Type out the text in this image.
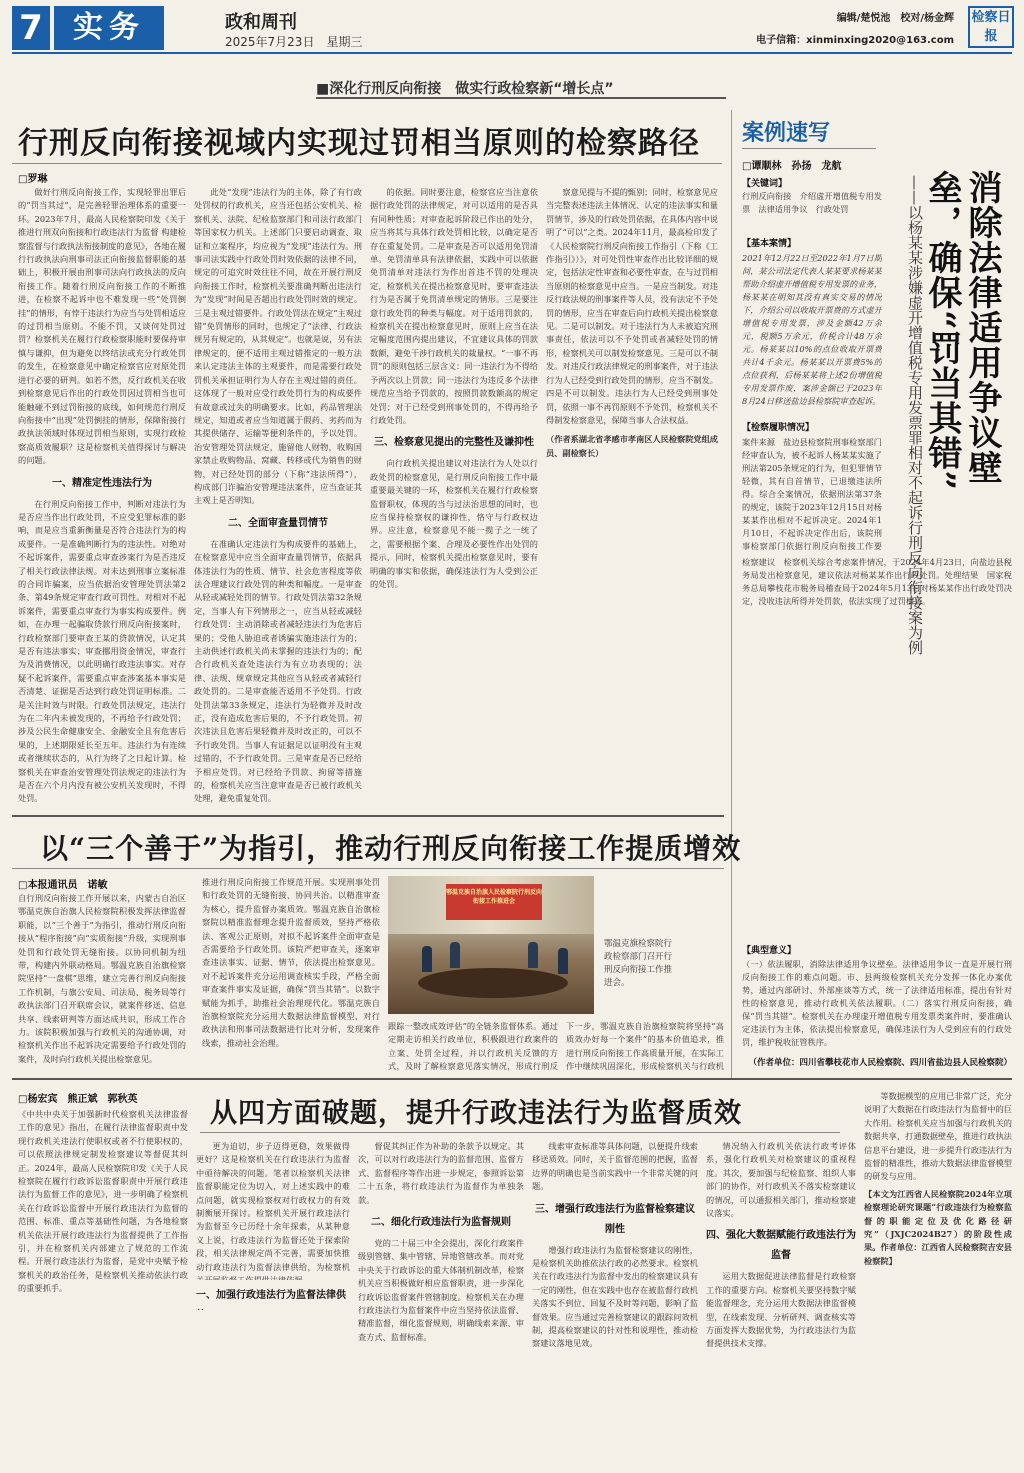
7	实务	政和周刊
2025年7月23日　星期三
编辑/楚悦池　校对/杨金辉
电子信箱：xinminxing2020@163.com
检察日报
■深化行刑反向衔接　做实行政检察新“增长点”
行刑反向衔接视域内实现过罚相当原则的检察路径
□罗琳

做好行刑反向衔接工作，实现轻罪出罪后的“罚当其过”，是完善轻罪治理体系的重要一环。2023年7月，最高人民检察院印发《关于推进行刑双向衔接和行政违法行为监督 构建检察监督与行政执法衔接制度的意见》，各地在履行行政执法向刑事司法正向衔接监督职能的基础上，积极开展由刑事司法向行政执法的反向衔接工作。随着行刑反向衔接工作的不断推进，在检察不起诉中也不难发现一些“处罚倒挂”的情形，有悖于违法行为应当与处罚相适应的过罚相当原则。不能不罚，又谈何处罚过罚？检察机关在履行行政检察职能时要保持审慎与谦抑，但为避免以终结法或充分行政处罚的发生，在检察意见中确定检察官应对原处罚进行必要的研判。如若不然，反行政机关在收到检察意见后作出的行政处罚因过罚相当也可能触碰不到过罚衔接的底线，如何规范行刑反向衔接中“出现”处罚倒挂的情形，保障衔接行政执法领域时体现过罚相当原则，实现行政检察高质效履职？这是检察机关值得探讨与解决的问题。

一、精准定性违法行为

在行刑反向衔接工作中，判断对违法行为是否应当作出行政处罚，不应受犯罪标准的影响，而是应当重新衡量是否符合违法行为的构成要件。一是准确判断行为的违法性。对绝对不起诉案件，需要重点审查涉案行为是否违反了相关行政法律法规。对未达到刑事立案标准的合同诈骗案，应当依据治安管理处罚法第2条、第49条规定审查行政可罚性。对相对不起诉案件，需要重点审查行为事实构成要件。例如，在办理一起骗取贷款行刑反向衔接案时，行政检察部门要审查王某的贷款情况，认定其是否有违法事实；审查挪用资金情况，审查行为及消费情况，以此明确行政违法事实。对存疑不起诉案件，需要重点审查涉案基本事实是否清楚、证据是否达到行政处罚证明标准。二是关注时效与时限。行政处罚法规定，违法行为在二年内未被发现的，不再给予行政处罚；涉及公民生命健康安全、金融安全且有危害后果的，上述期限延长至五年。违法行为有连续或者继续状态的，从行为终了之日起计算。检察机关在审查治安管理处罚法规定的违法行为是否在六个月内没有被公安机关发现时，不得处罚。

此处“发现”违法行为的主体，除了有行政处罚权的行政机关，应当还包括公安机关、检察机关、法院、纪检监察部门和司法行政部门等国家权力机关。上述部门只要启动调查、取证和立案程序，均应视为“发现”违法行为。刑事司法实践中行政处罚时效依据的法律不同，规定的可追究时效往往不同，故在开展行刑反向衔接工作时，检察机关要准确判断出违法行为“发现”时间是否超出行政处罚时效的规定。三是主观过错要件。行政处罚法在规定“主观过错”免罚情形的同时，也规定了“法律、行政法规另有规定的，从其规定”。也就是说，另有法律规定的，便不适用主观过错推定的一般方法来认定违法主体的主观要件，而是需要行政处罚机关承担证明行为人存在主观过错的责任。这体现了一般对应受行政处罚行为的构成要件有故意或过失的明确要求。比如，药品管理法规定，知道或者应当知道属于假药、劣药而为其提供储存、运输等便利条件的，予以处罚。治安管理处罚法规定，施留他人财物，收购国家禁止收购物品、窝藏、转移或代为销售的财物，对已经处罚的部分（下称“违法所得”），构成部门诈骗治安管理违法案件，应当查证其主观上是否明知。

二、全面审查量罚情节

在准确认定违法行为构成要件的基础上，在检察意见中应当全面审查量罚情节，依据具体违法行为的性质、情节、社会危害程度等依法合理建议行政处罚的种类和幅度。一是审查从轻或减轻处罚的情节。行政处罚法第32条规定，当事人有下列情形之一，应当从轻或减轻行政处罚：主动消除或者减轻违法行为危害后果的；受他人胁迫或者诱骗实施违法行为的；主动供述行政机关尚未掌握的违法行为的；配合行政机关查处违法行为有立功表现的；法律、法规、规章规定其他应当从轻或者减轻行政处罚的。二是审查能否适用不予处罚。行政处罚法第33条规定，违法行为轻微并及时改正，没有造成危害后果的，不予行政处罚。初次违法且危害后果轻微并及时改正的，可以不予行政处罚。当事人有证据足以证明没有主观过错的，不予行政处罚。三是审查是否已经给予相应处罚。对已经给予罚款、拘留等措施的，检察机关应当注意审查是否已被行政机关处理，避免重复处罚。

的依据。同时要注意，检察官应当注意依据行政处罚的法律规定，对可以适用的是否具有同种性质；对审查起诉阶段已作出的处分，应当将其与具体行政处罚相比较，以确定是否存在重复处罚。二是审查是否可以适用免罚清单。免罚清单具有法律依据，实践中可以依据免罚清单对违法行为作出首违不罚的处理决定，检察机关在提出检察意见时，要审查违法行为是否属于免罚清单规定的情形。三是要注意行政处罚的种类与幅度。对于适用罚款的，检察机关在提出检察意见时，原则上应当在法定幅度范围内提出建议，不宜建议具体的罚款数额，避免干涉行政机关的裁量权。“一事不再罚”的原则包括三层含义：同一违法行为不得给予两次以上罚款；同一违法行为违反多个法律规范应当给予罚款的，按照罚款数额高的规定处罚；对于已经受到刑事处罚的，不得再给予行政处罚。

三、检察意见提出的完整性及谦抑性

向行政机关提出建议对违法行为人处以行政处罚的检察意见，是行刑反向衔接工作中最重要最关键的一环，检察机关在履行行政检察监督职权，体现的当与过法治思想的同时，也应当保持检察权的谦抑性，恪守与行政权边界。应注意，检察意见不能一揽子之一统了之，需要根据个案、合理及必要性作出处罚的提示，同时，检察机关提出检察意见时，要有明确的事实和依据，确保违法行为人受到公正的处罚。

察意见提与不提的甄别；同时，检察意见应当完整表述违法主体情况、认定的违法事实和量罚情节，涉及的行政处罚依据，在具体内容中说明了“可以”之类。2024年11月，最高检印发了《人民检察院行刑反向衔接工作指引（下称《工作指引》）》，对可处罚性审查作出比较详细的规定，包括法定性审查和必要性审查，在与过罚相当原则的检察意见中应当。一是应当制发。对违反行政法规的刑事案件等人员，没有法定不予处罚的情形，应当在审查后向行政机关提出检察意见。二是可以制发。对于违法行为人未被追究刑事责任，依法可以不予处罚或者减轻处罚的情形，检察机关可以制发检察意见。三是可以不制发。对违反行政法律规定的刑事案件，对于违法行为人已经受到行政处罚的情形，应当不制发。四是不可以制发。违法行为人已经受到刑事处罚，依照一事不再罚原则不予处罚，检察机关不得制发检察意见，保障当事人合法权益。

（作者系湖北省孝感市孝南区人民检察院党组成员、副检察长）

案例速写
□谭顺林　孙扬　龙航
消除法律适用争议壁垒，确保“罚当其错”
——以杨某某涉嫌虚开增值税专用发票罪相对不起诉行刑反向衔接案为例
【关键词】
行刑反向衔接　介绍虚开增值税专用发票　法律适用争议　行政处罚
【基本案情】
2021年12月22日至2022年1月7日期间，某公司法定代表人某某要求杨某某帮助介绍虚开增值税专用发票的业务，杨某某在明知其没有真实交易的情况下，介绍公司以收取开票费的方式虚开增值税专用发票，涉及金额42万余元，税额5万余元，价税合计48万余元。杨某某以10%的点位收取开票费共计4千余元。杨某某以开票费5%的点位获利，后杨某某将上述2份增值税专用发票作废，案涉金额已于2023年8月24日移送盐边县检察院审查起诉。
【检察履职情况】
案件来源　盐边县检察院刑事检察部门经审查认为，被不起诉人杨某某实施了刑法第205条规定的行为，但犯罪情节轻微，其有自首情节，已退缴违法所得。综合全案情况，依据刑法第37条的规定，该院于2023年12月15日对杨某某作出相对不起诉决定。2024年1月10日，不起诉决定作出后，该院刑事检察部门依据行刑反向衔接工作要　
检察建议　检察机关综合考虑案件情况，于2024年4月23日，向盐边县税务局发出检察意见，建议依法对杨某某作出行政处罚。处理结果　国家税务总局攀枝花市税务局稽查局于2024年5月13日对杨某某作出行政处罚决定，没收违法所得并处罚款，依法实现了过罚相当。
【典型意义】
（一）依法履职，消除法律适用争议壁垒。法律适用争议一直是开展行刑反向衔接工作的难点问题。市、县两级检察机关充分发挥一体化办案优势，通过内部研讨、外部座谈等方式，统一了法律适用标准，提出有针对性的检察意见，推动行政机关依法履职。（二）落实行刑反向衔接，确保“罚当其错”。检察机关在办理虚开增值税专用发票类案件时，要准确认定违法行为主体，依法提出检察意见，确保违法行为人受到应有的行政处罚，维护税收征管秩序。
（作者单位：四川省攀枝花市人民检察院、四川省盐边县人民检察院）
以“三个善于”为指引，推动行刑反向衔接工作提质增效
□本报通讯员　诺敏
自行刑反向衔接工作开展以来，内蒙古自治区鄂温克族自治旗人民检察院积极发挥法律监督职能，以“三个善于”为指引，推动行刑反向衔接从“程序衔接”向“实质衔接”升级，实现刑事处罚和行政处罚无缝衔接。以协同机制为纽带，构建内外联动格局。鄂温克族自治旗检察院坚持“一盘棋”思维，建立完善行刑反向衔接工作机制，与旗公安局、司法局、税务局等行政执法部门召开联席会议，就案件移送、信息共享、线索研判等方面达成共识，形成工作合力。该院积极加强与行政机关的沟通协调，对检察机关作出不起诉决定需要给予行政处罚的案件，及时向行政机关提出检察意见。
推进行刑反向衔接工作规范开展。实现刑事处罚和行政处罚的无缝衔接、协同共治。以精准审查为核心，提升监督办案质效。鄂温克族自治旗检察院以精准监督理念提升监督质效，坚持严格依法、客观公正原则，对拟不起诉案件全面审查是否需要给予行政处罚。该院严把审查关，逐案审查违法事实、证据、情节，依法提出检察意见。对不起诉案件充分运用调查核实手段，严格全面审查案件事实及证据，确保“罚当其错”。以数字赋能为抓手，助推社会治理现代化。鄂温克族自治旗检察院充分运用大数据法律监督模型，对行政执法和刑事司法数据进行比对分析，发现案件线索，推动社会治理。
鄂温克族自治旗人民检察院行刑反向衔接工作推进会
鄂温克旗检察院行政检察部门召开行刑反向衔接工作推进会。
跟踪一整改成效评估”的全链条监督体系。通过定期走访相关行政单位，积极跟进行政案件的立案、处罚全过程，并以行政机关反馈的方式，及时了解检察意见落实情况，形成行刑反
下一步，鄂温克族自治旗检察院将坚持“高质效办好每一个案件”的基本价值追求，推进行刑反向衔接工作高质量开展，在实际工作中继续巩固深化，形成检察机关与行政机
从四方面破题，提升行政违法行为监督质效
□杨宏宾　熊正斌　郭秋英
《中共中央关于加强新时代检察机关法律监督工作的意见》指出，在履行法律监督职责中发现行政机关违法行使职权或者不行使职权的，可以依照法律规定制发检察建议等督促其纠正。2024年，最高人民检察院印发《关于人民检察院在履行行政诉讼监督职责中开展行政违法行为监督工作的意见》，进一步明确了检察机关在行政诉讼监督中开展行政违法行为监督的范围、标准、重点等基础性问题，为各地检察机关依法开展行政违法行为监督提供了工作指引，并在检察机关内部建立了规范的工作流程。开展行政违法行为监督，是党中央赋予检察机关的政治任务，是检察机关推动依法行政的重要抓手。

更为迫切，步子迈得更稳，效果做得更好？这是检察机关在行政违法行为监督中亟待解决的问题。笔者以检察机关法律监督职能定位为切入，对上述实践中的难点问题，就实现检察权对行政权力的有效制衡展开探讨。检察机关开展行政违法行为监督至今已历经十余年探索，从某种意义上说，行政违法行为监督还处于探索阶段，相关法律规定尚不完善，需要加快推动行政违法行为监督法律供给，为检察机

一、加强行政违法行为监督法律供

督促其纠正作为补助的条款予以规定。其次，可以对行政违法行为的监督范围、监督方式、监督程序等作出进一步规定，参照诉讼第二十五条，将行政违法行为监督作为单独条款。

二、细化行政违法行为监督规则

党的二十届三中全会提出，深化行政案件级别管辖、集中管辖、异地管辖改革。而对党中央关于行政诉讼的重大体制机制改革，检察机关应当积极做好相应监督职责，进一步深化行政诉讼监督案件管辖制度。检察机关在办理行政违法行为监督案件中应当坚持依法监督、精准监督，细化监督规则，明确线索来源、审查方式、监督标准。

线索审查标准等具体问题，以便提升线索移送质效。同时，关于监督范围的把握，监督边界的明确也是当前实践中一个非常关键的问题。

三、增强行政违法行为监督检察建议刚性

增强行政违法行为监督检察建议的刚性，是检察机关助推依法行政的必然要求。检察机关在行政违法行为监督中发出的检察建议具有一定的刚性，但在实践中也存在被监督行政机关落实不到位、回复不及时等问题，影响了监督效果。应当通过完善检察建议的跟踪问效机制，提高检察建议的针对性和说理性，推动检察建议落地见效。

情况纳入行政机关依法行政考评体系，强化行政机关对检察建议的重视程度。其次，要加强与纪检监察、组织人事部门的协作，对行政机关不落实检察建议的情况，可以通报相关部门，推动检察建议落实。

四、强化大数据赋能行政违法行为监督

运用大数据促进法律监督是行政检察工作的重要方向。检察机关要坚持数字赋能监督理念，充分运用大数据法律监督模型，在线索发现、分析研判、调查核实等方面发挥大数据优势，为行政违法行为监督提供技术支撑。

等数据模型的应用已非常广泛，充分说明了大数据在行政违法行为监督中的巨大作用。检察机关应当加强与行政机关的数据共享，打通数据壁垒，推进行政执法信息平台建设，进一步提升行政违法行为监督的精准性，推动大数据法律监督模型的研发与应用。

【本文为江西省人民检察院2024年立项检察理论研究课题“行政违法行为检察监督的职能定位及优化路径研究”（JXJC2024B27）的阶段性成果。作者单位：江西省人民检察院吉安县检察院】
